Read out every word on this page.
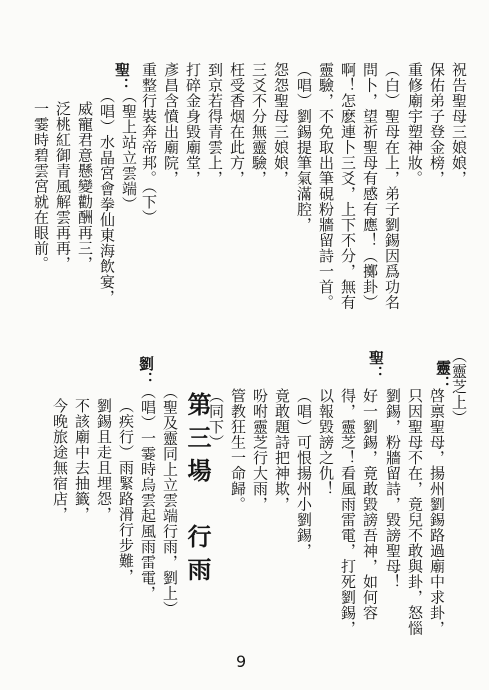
祝告聖母三娘娘，
保佑弟子登金榜，
重修廟宇塑神妝。
（白）聖母在上，弟子劉錫因爲功名
問卜，望祈聖母有感有應！（擲卦）
啊！怎麽連卜三爻，上下不分，無有
靈驗，不免取出筆硯粉牆留詩一首。
（唱）劉錫提筆氣滿腔，
怨怨聖母三娘娘，
三爻不分無靈驗，
枉受香烟在此方，
到京若得青雲上，
打碎金身毀廟堂，
彥昌含憤出廟院，
重整行裝奔帝邦。（下）
聖：
（聖上站立雲端）
（唱）水晶宮會拳仙東海飲宴，
威寵君意懸變勸酬再三，
泛桃紅御青風解雲再再，
一霎時碧雲宮就在眼前。
（靈芝上）
靈：
啓禀聖母，揚州劉錫路過廟中求卦，
只因聖母不在，竟兒不敢與卦，怒惱
劉錫，粉牆留詩，毀謗聖母！
聖：
好一劉錫，竟敢毀謗吾神，如何容
得，靈芝！看風雨雷電，打死劉錫，
以報毀謗之仇！
（唱）可恨揚州小劉錫，
竟敢題詩把神欺，
吩咐靈芝行大雨，
管教狂生一命歸。
（同下）
第三場　行雨
（聖及靈同上立雲端行雨，劉上）
劉：
（唱）一霎時烏雲起風雨雷電，
（疾行）雨緊路滑行步難，
劉錫且走且埋怨，
不該廟中去抽籤，
今晚旅途無宿店，
9
